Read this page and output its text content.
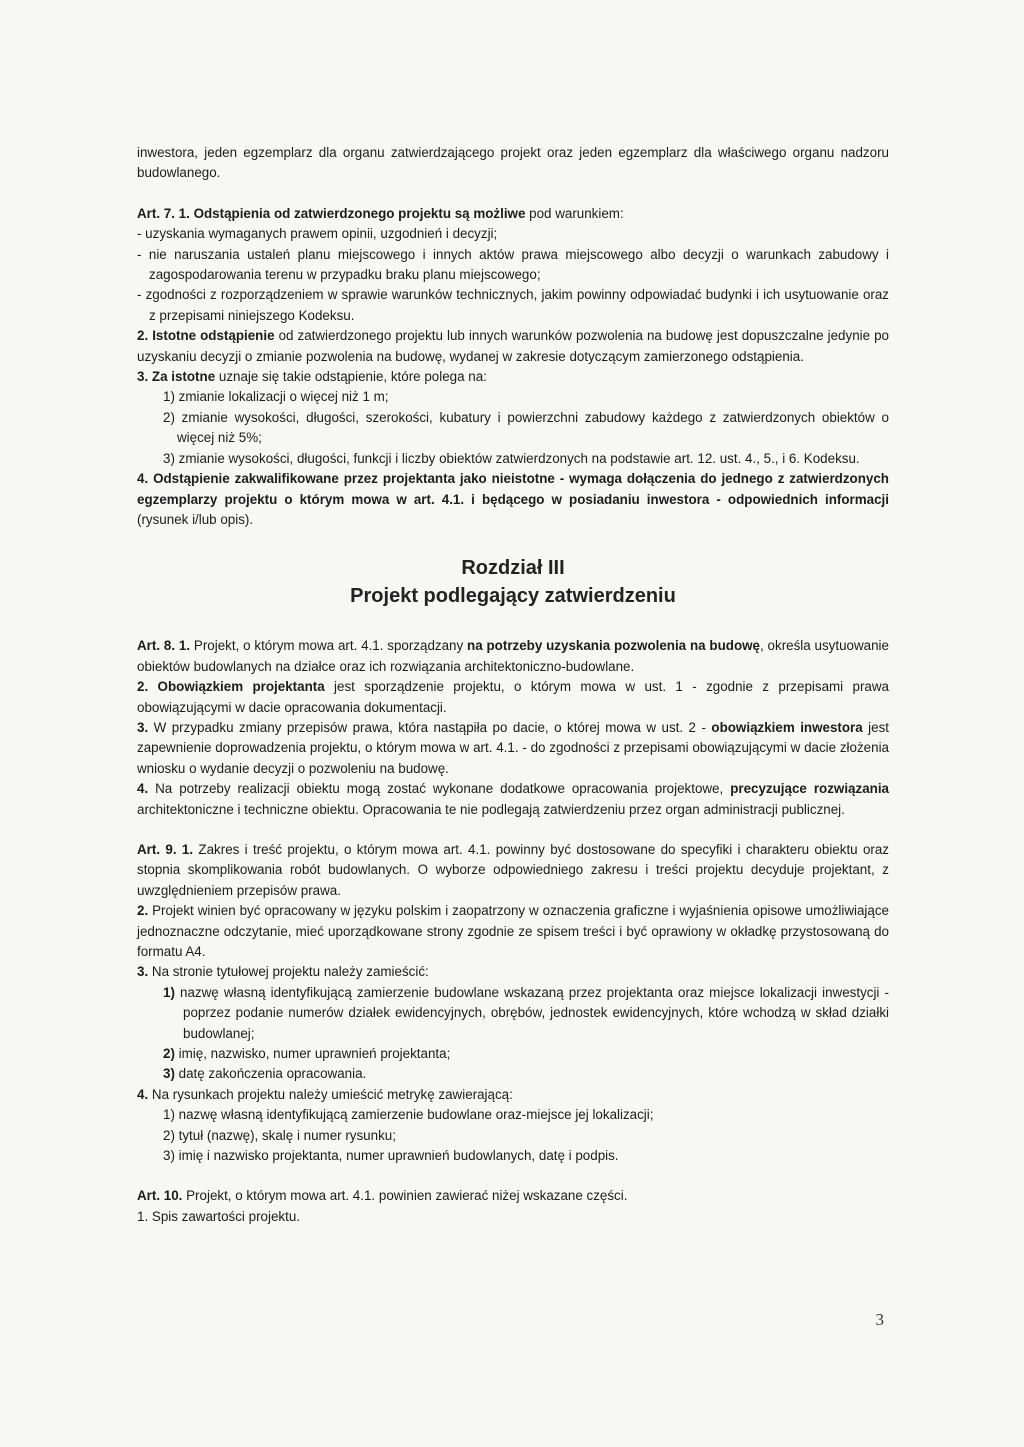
inwestora, jeden egzemplarz dla organu zatwierdzającego projekt oraz jeden egzemplarz dla właściwego organu nadzoru budowlanego.

Art. 7. 1. Odstąpienia od zatwierdzonego projektu są możliwe pod warunkiem:

- uzyskania wymaganych prawem opinii, uzgodnień i decyzji;

- nie naruszania ustaleń planu miejscowego i innych aktów prawa miejscowego albo decyzji o warunkach zabudowy i zagospodarowania terenu w przypadku braku planu miejscowego;

- zgodności z rozporządzeniem w sprawie warunków technicznych, jakim powinny odpowiadać budynki i ich usytuowanie oraz z przepisami niniejszego Kodeksu.

2. Istotne odstąpienie od zatwierdzonego projektu lub innych warunków pozwolenia na budowę jest dopuszczalne jedynie po uzyskaniu decyzji o zmianie pozwolenia na budowę, wydanej w zakresie dotyczącym zamierzonego odstąpienia.

3. Za istotne uznaje się takie odstąpienie, które polega na:

1) zmianie lokalizacji o więcej niż 1 m;

2) zmianie wysokości, długości, szerokości, kubatury i powierzchni zabudowy każdego z zatwierdzonych obiektów o więcej niż 5%;

3) zmianie wysokości, długości, funkcji i liczby obiektów zatwierdzonych na podstawie art. 12. ust. 4., 5., i 6. Kodeksu.

4. Odstąpienie zakwalifikowane przez projektanta jako nieistotne - wymaga dołączenia do jednego z zatwierdzonych egzemplarzy projektu o którym mowa w art. 4.1. i będącego w posiadaniu inwestora - odpowiednich informacji (rysunek i/lub opis).

Rozdział III

Projekt podlegający zatwierdzeniu

Art. 8. 1. Projekt, o którym mowa art. 4.1. sporządzany na potrzeby uzyskania pozwolenia na budowę, określa usytuowanie obiektów budowlanych na działce oraz ich rozwiązania architektoniczno-budowlane.

2. Obowiązkiem projektanta jest sporządzenie projektu, o którym mowa w ust. 1 - zgodnie z przepisami prawa obowiązującymi w dacie opracowania dokumentacji.

3. W przypadku zmiany przepisów prawa, która nastąpiła po dacie, o której mowa w ust. 2 - obowiązkiem inwestora jest zapewnienie doprowadzenia projektu, o którym mowa w art. 4.1. - do zgodności z przepisami obowiązującymi w dacie złożenia wniosku o wydanie decyzji o pozwoleniu na budowę.

4. Na potrzeby realizacji obiektu mogą zostać wykonane dodatkowe opracowania projektowe, precyzujące rozwiązania architektoniczne i techniczne obiektu. Opracowania te nie podlegają zatwierdzeniu przez organ administracji publicznej.

Art. 9. 1. Zakres i treść projektu, o którym mowa art. 4.1. powinny być dostosowane do specyfiki i charakteru obiektu oraz stopnia skomplikowania robót budowlanych. O wyborze odpowiedniego zakresu i treści projektu decyduje projektant, z uwzględnieniem przepisów prawa.

2. Projekt winien być opracowany w języku polskim i zaopatrzony w oznaczenia graficzne i wyjaśnienia opisowe umożliwiające jednoznaczne odczytanie, mieć uporządkowane strony zgodnie ze spisem treści i być oprawiony w okładkę przystosowaną do formatu A4.

3. Na stronie tytułowej projektu należy zamieścić:

1) nazwę własną identyfikującą zamierzenie budowlane wskazaną przez projektanta oraz miejsce lokalizacji inwestycji - poprzez podanie numerów działek ewidencyjnych, obrębów, jednostek ewidencyjnych, które wchodzą w skład działki budowlanej;

2) imię, nazwisko, numer uprawnień projektanta;

3) datę zakończenia opracowania.

4. Na rysunkach projektu należy umieścić metrykę zawierającą:

1) nazwę własną identyfikującą zamierzenie budowlane oraz-miejsce jej lokalizacji;

2) tytuł (nazwę), skalę i numer rysunku;

3) imię i nazwisko projektanta, numer uprawnień budowlanych, datę i podpis.

Art. 10. Projekt, o którym mowa art. 4.1. powinien zawierać niżej wskazane części.

1. Spis zawartości projektu.

3
